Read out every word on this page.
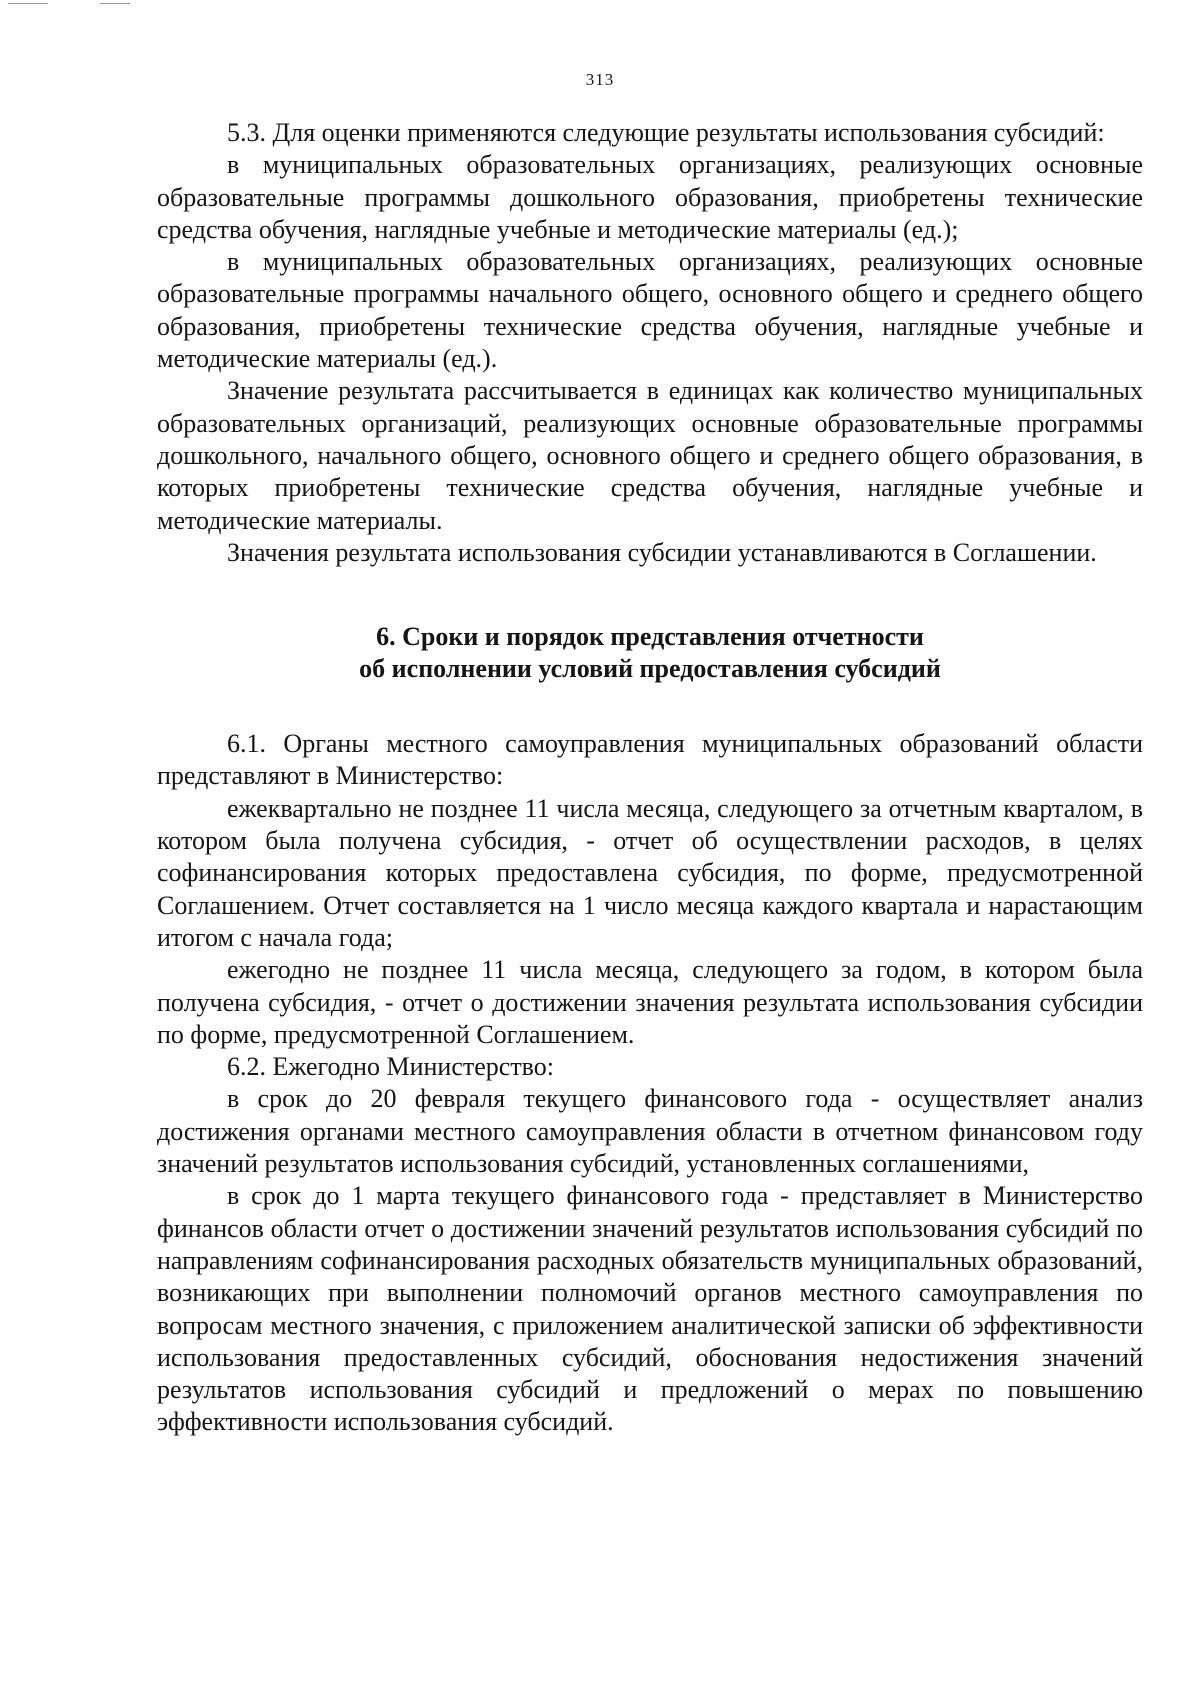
313

5.3. Для оценки применяются следующие результаты использования субсидий:

в муниципальных образовательных организациях, реализующих основные образовательные программы дошкольного образования, приобретены технические средства обучения, наглядные учебные и методические материалы (ед.);

в муниципальных образовательных организациях, реализующих основные образовательные программы начального общего, основного общего и среднего общего образования, приобретены технические средства обучения, наглядные учебные и методические материалы (ед.).

Значение результата рассчитывается в единицах как количество муниципальных образовательных организаций, реализующих основные образовательные программы дошкольного, начального общего, основного общего и среднего общего образования, в которых приобретены технические средства обучения, наглядные учебные и методические материалы.

Значения результата использования субсидии устанавливаются в Соглашении.

6. Сроки и порядок представления отчетности
об исполнении условий предоставления субсидий

6.1. Органы местного самоуправления муниципальных образований области представляют в Министерство:

ежеквартально не позднее 11 числа месяца, следующего за отчетным кварталом, в котором была получена субсидия, - отчет об осуществлении расходов, в целях софинансирования которых предоставлена субсидия, по форме, предусмотренной Соглашением. Отчет составляется на 1 число месяца каждого квартала и нарастающим итогом с начала года;

ежегодно не позднее 11 числа месяца, следующего за годом, в котором была получена субсидия, - отчет о достижении значения результата использования субсидии по форме, предусмотренной Соглашением.

6.2. Ежегодно Министерство:

в срок до 20 февраля текущего финансового года - осуществляет анализ достижения органами местного самоуправления области в отчетном финансовом году значений результатов использования субсидий, установленных соглашениями,

в срок до 1 марта текущего финансового года - представляет в Министерство финансов области отчет о достижении значений результатов использования субсидий по направлениям софинансирования расходных обязательств муниципальных образований, возникающих при выполнении полномочий органов местного самоуправления по вопросам местного значения, с приложением аналитической записки об эффективности использования предоставленных субсидий, обоснования недостижения значений результатов использования субсидий и предложений о мерах по повышению эффективности использования субсидий.
